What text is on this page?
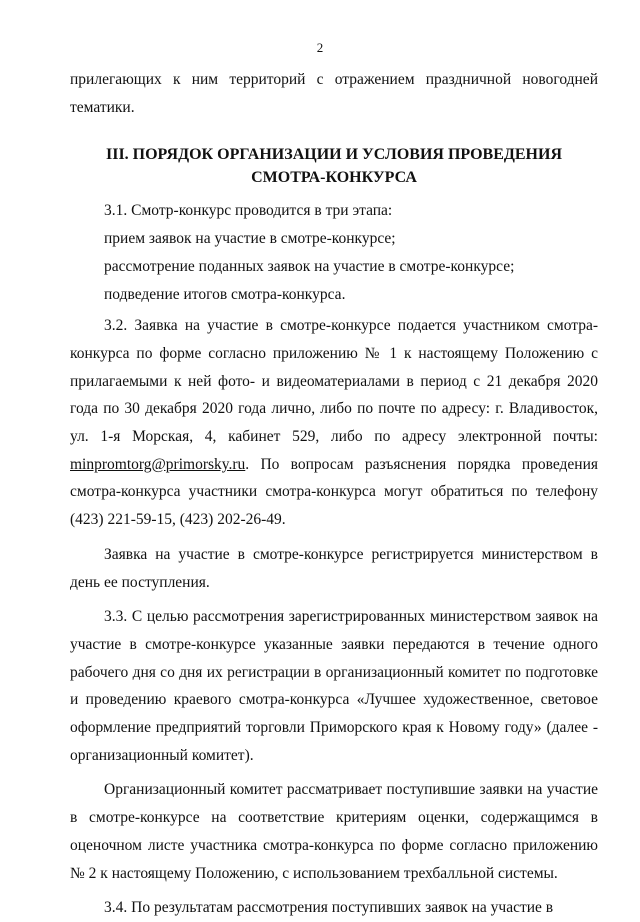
2

прилегающих к ним территорий с отражением праздничной новогодней тематики.

III. ПОРЯДОК ОРГАНИЗАЦИИ И УСЛОВИЯ ПРОВЕДЕНИЯ
СМОТРА-КОНКУРСА

3.1. Смотр-конкурс проводится в три этапа:

прием заявок на участие в смотре-конкурсе;

рассмотрение поданных заявок на участие в смотре-конкурсе;

подведение итогов смотра-конкурса.

3.2. Заявка на участие в смотре-конкурсе подается участником смотра-конкурса по форме согласно приложению № 1 к настоящему Положению с прилагаемыми к ней фото- и видеоматериалами в период с 21 декабря 2020 года по 30 декабря 2020 года лично, либо по почте по адресу: г. Владивосток, ул. 1-я Морская, 4, кабинет 529, либо по адресу электронной почты: minpromtorg@primorsky.ru. По вопросам разъяснения порядка проведения смотра-конкурса участники смотра-конкурса могут обратиться по телефону (423) 221-59-15, (423) 202-26-49.

Заявка на участие в смотре-конкурсе регистрируется министерством в день ее поступления.

3.3. С целью рассмотрения зарегистрированных министерством заявок на участие в смотре-конкурсе указанные заявки передаются в течение одного рабочего дня со дня их регистрации в организационный комитет по подготовке и проведению краевого смотра-конкурса «Лучшее художественное, световое оформление предприятий торговли Приморского края к Новому году» (далее - организационный комитет).

Организационный комитет рассматривает поступившие заявки на участие в смотре-конкурсе на соответствие критериям оценки, содержащимся в оценочном листе участника смотра-конкурса по форме согласно приложению № 2 к настоящему Положению, с использованием трехбалльной системы.

3.4. По результатам рассмотрения поступивших заявок на участие в
